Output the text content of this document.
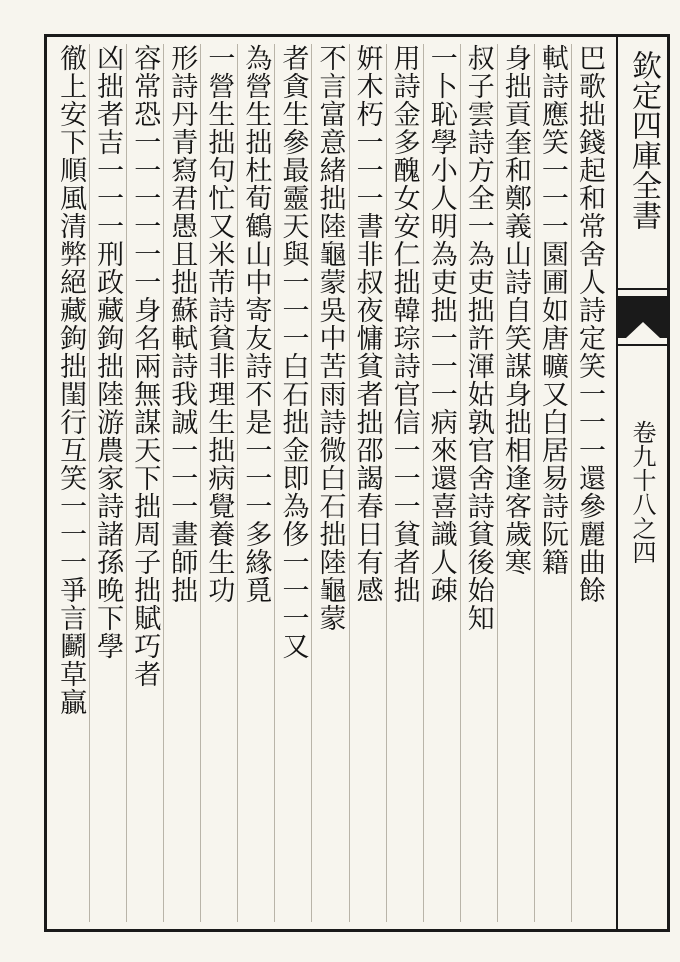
欽定四庫全書
卷九十八之四
巴歌拙錢起和常舍人詩定笑一一一還參麗曲餘
軾詩應笑一一一園圃如唐曠又白居易詩阮籍
身拙貢奎和鄭義山詩自笑謀身拙相逢客歲寒
叔子雲詩方全一為吏拙許渾姑孰官舍詩貧後始知
一卜恥學小人明為吏拙一一一病來還喜識人疎
用詩金多醜女安仁拙韓琮詩官信一一一貧者拙
姸木朽一一一書非叔夜慵貧者拙邵謁春日有感
不言富意緒拙陸龜蒙吳中苦雨詩微白石拙陸龜蒙
者貪生參最靈天與一一一白石拙金即為侈一一一又
為營生拙杜荀鶴山中寄友詩不是一一一多緣覓
一營生拙句忙又米芾詩貧非理生拙病覺養生功
形詩丹青寫君愚且拙蘇軾詩我誠一一一畫師拙
容常恐一一一一一一身名兩無謀天下拙周子拙賦巧者
凶拙者吉一一一刑政藏鉤拙陸游農家詩諸孫晚下學
徹上安下順風清弊絕藏鉤拙閨行互笑一一一爭言鬬草贏
